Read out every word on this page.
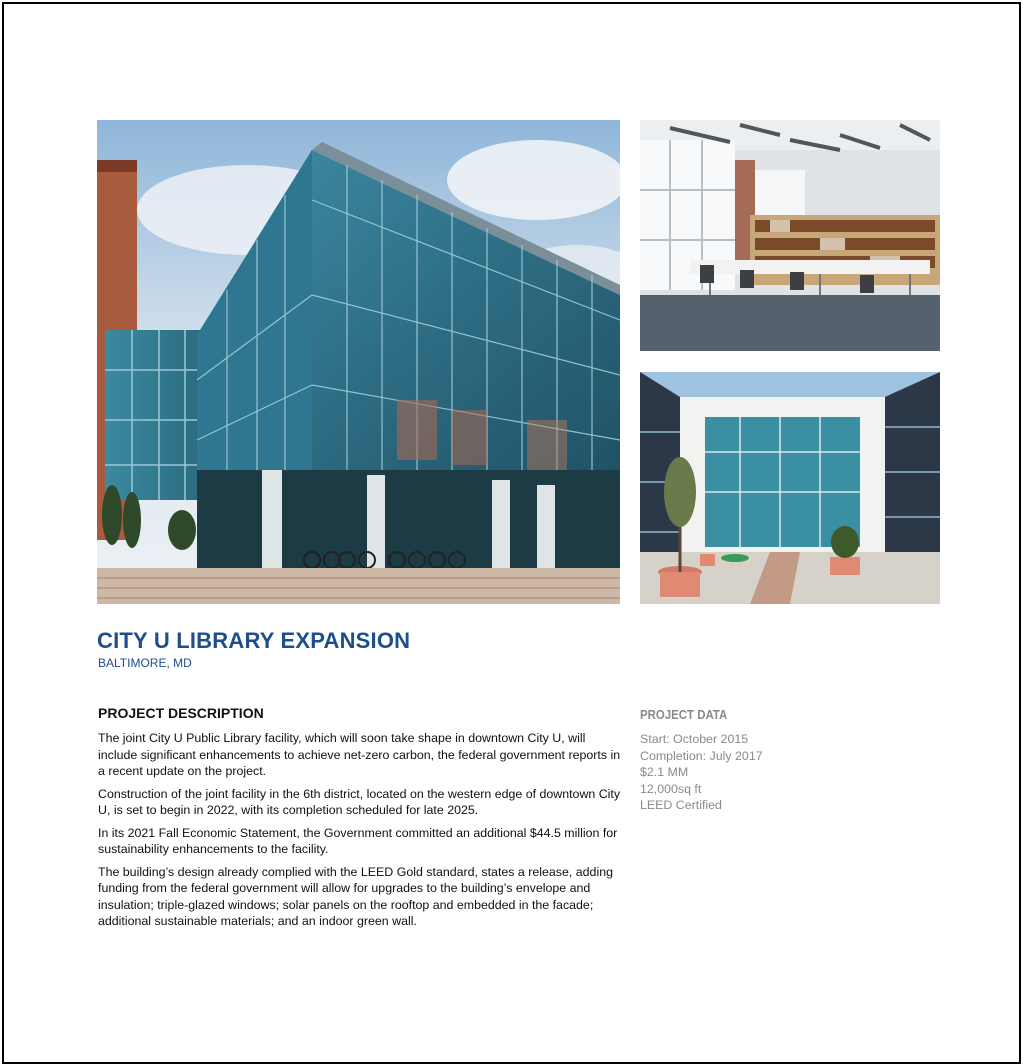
CITY U LIBRARY EXPANSION
BALTIMORE, MD
PROJECT DESCRIPTION

The joint City U Public Library facility, which will soon take shape in downtown City U, will include significant enhancements to achieve net-zero carbon, the federal government reports in a recent update on the project.

Construction of the joint facility in the 6th district, located on the western edge of downtown City U, is set to begin in 2022, with its completion scheduled for late 2025.

In its 2021 Fall Economic Statement, the Government committed an additional $44.5 million for sustainability enhancements to the facility.

The building’s design already complied with the LEED Gold standard, states a release, adding funding from the federal government will allow for upgrades to the building’s envelope and insulation; triple-glazed windows; solar panels on the rooftop and embedded in the facade; additional sustainable materials; and an indoor green wall.

PROJECT DATA
Start: October 2015
Completion: July 2017
$2.1 MM
12,000sq ft
LEED Certified
